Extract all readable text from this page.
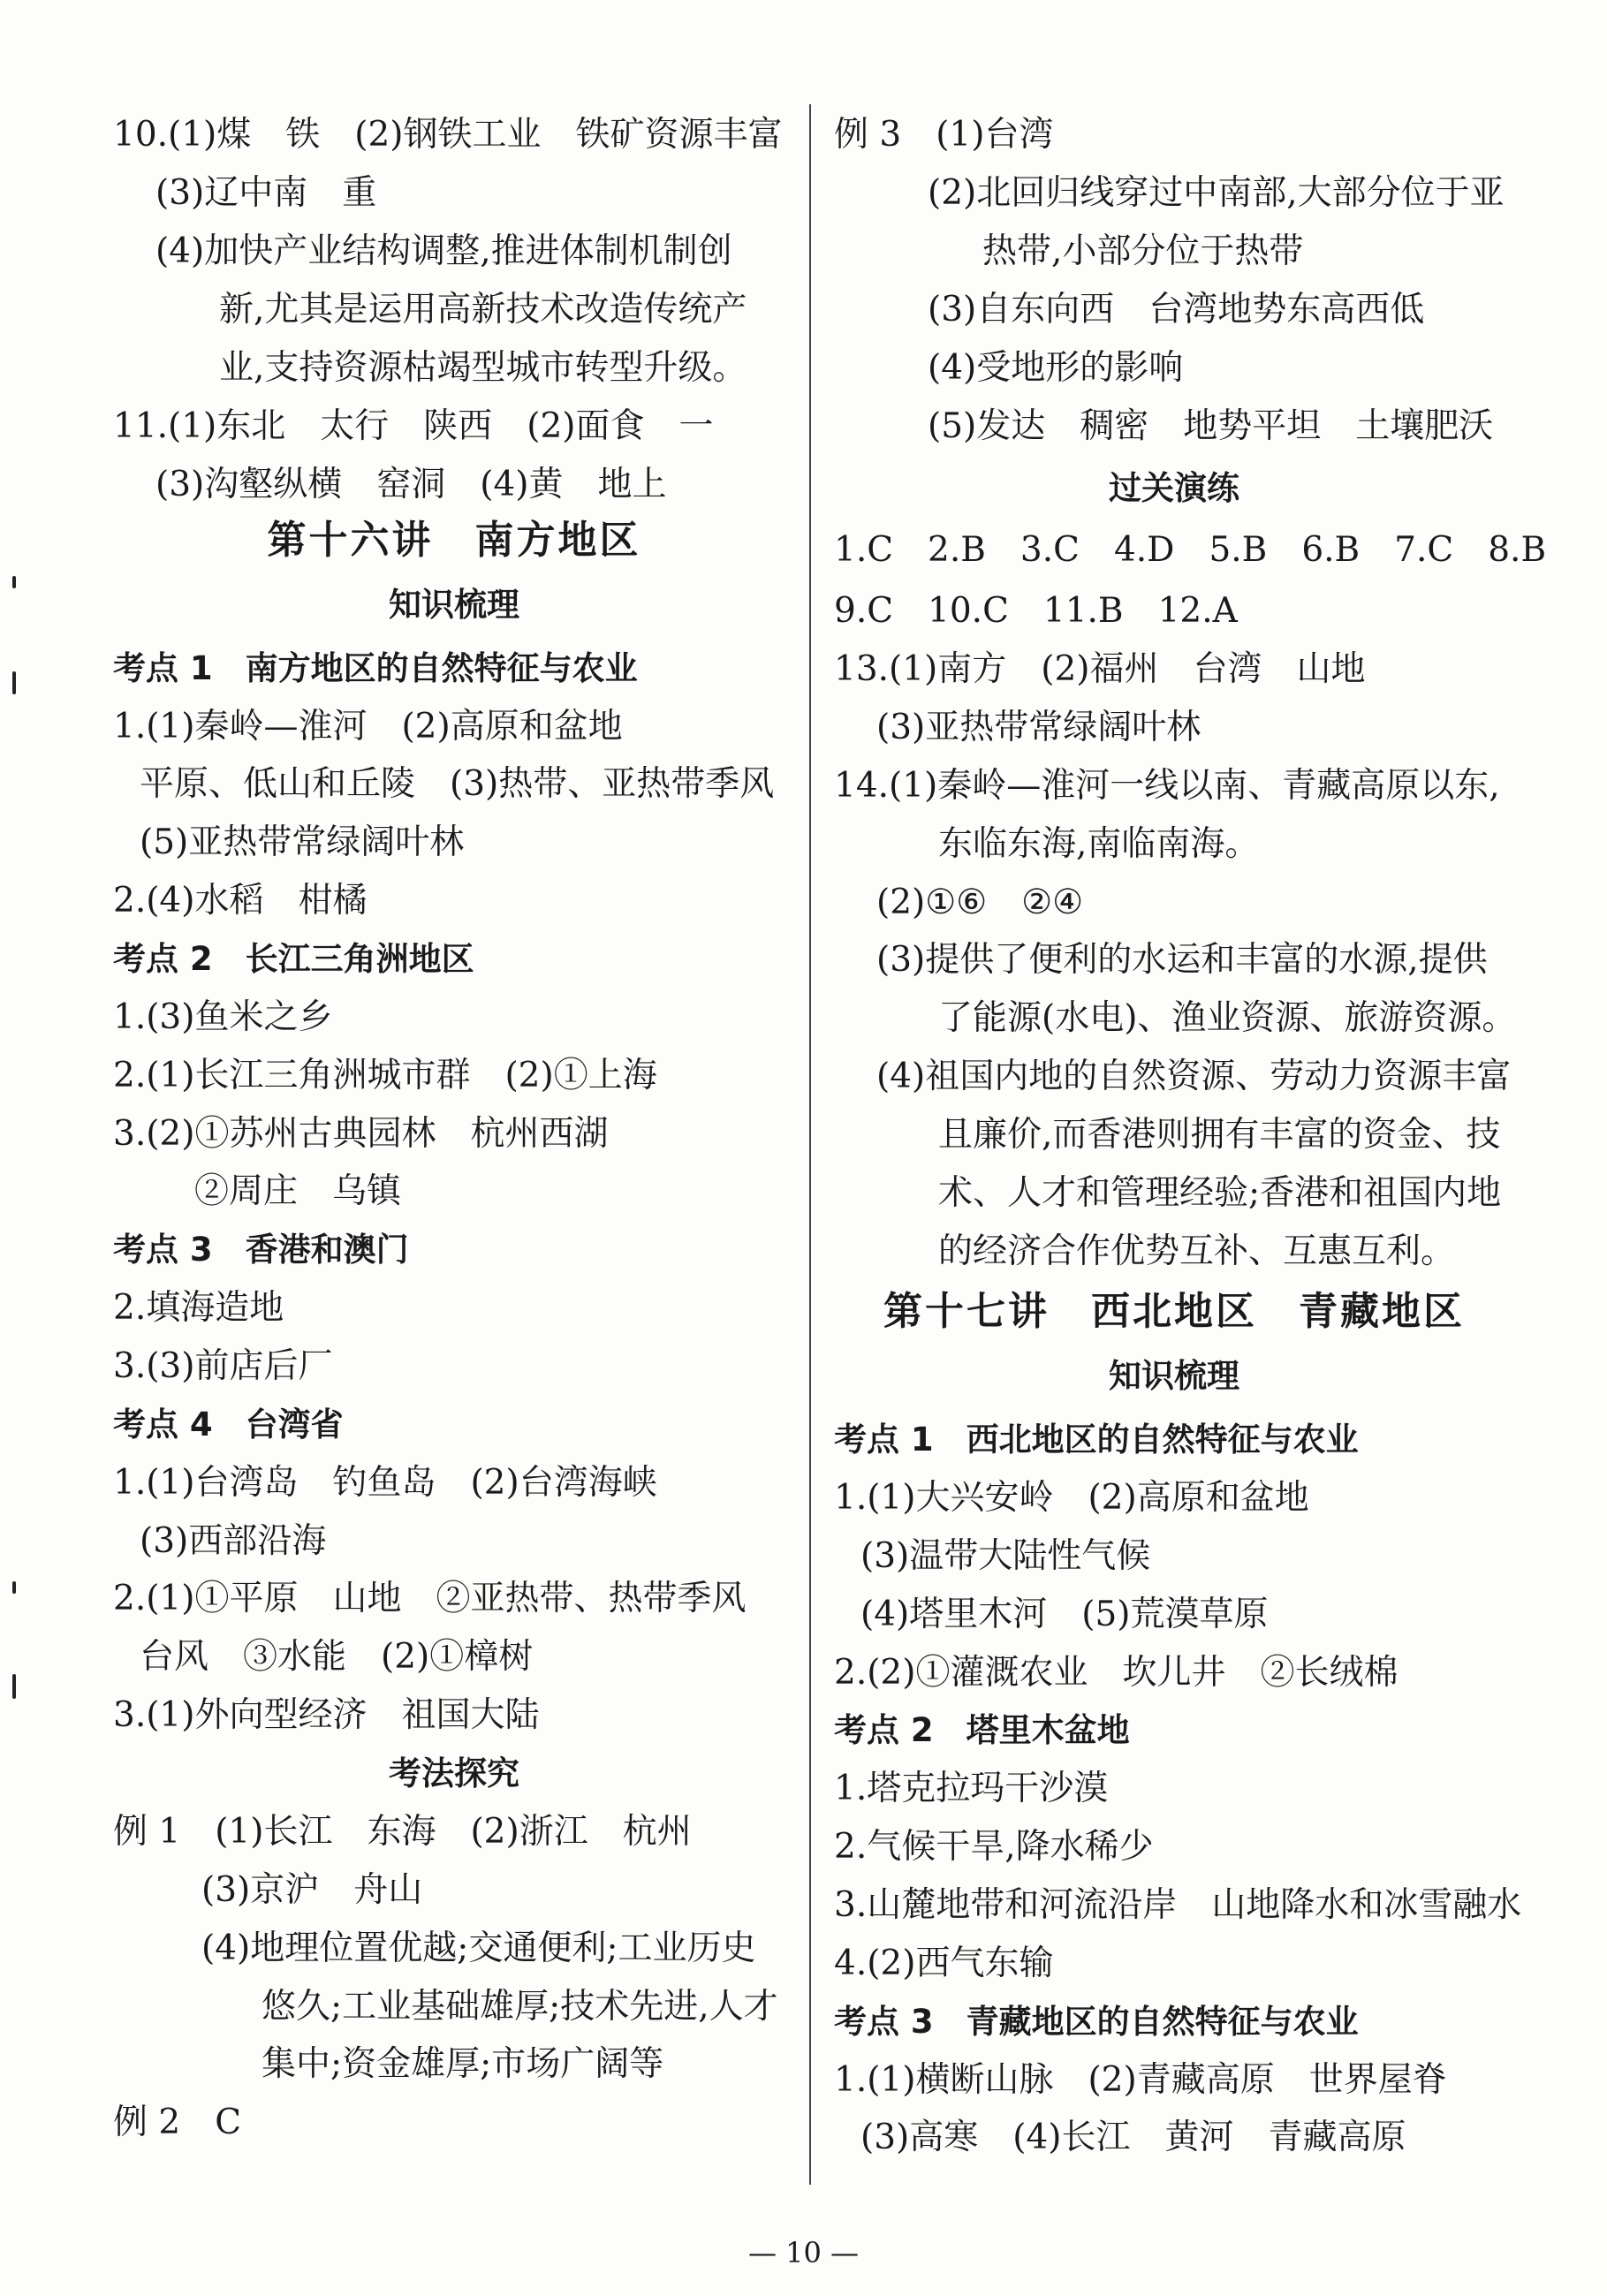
10.(1)煤　铁　(2)钢铁工业　铁矿资源丰富
(3)辽中南　重
(4)加快产业结构调整,推进体制机制创
新,尤其是运用高新技术改造传统产
业,支持资源枯竭型城市转型升级。
11.(1)东北　太行　陕西　(2)面食　一
(3)沟壑纵横　窑洞　(4)黄　地上
第十六讲　南方地区
知识梳理
考点 1　南方地区的自然特征与农业
1.(1)秦岭—淮河　(2)高原和盆地
平原、低山和丘陵　(3)热带、亚热带季风
(5)亚热带常绿阔叶林
2.(4)水稻　柑橘
考点 2　长江三角洲地区
1.(3)鱼米之乡
2.(1)长江三角洲城市群　(2)①上海
3.(2)①苏州古典园林　杭州西湖
②周庄　乌镇
考点 3　香港和澳门
2.填海造地
3.(3)前店后厂
考点 4　台湾省
1.(1)台湾岛　钓鱼岛　(2)台湾海峡
(3)西部沿海
2.(1)①平原　山地　②亚热带、热带季风
台风　③水能　(2)①樟树
3.(1)外向型经济　祖国大陆
考法探究
例 1　(1)长江　东海　(2)浙江　杭州
(3)京沪　舟山
(4)地理位置优越;交通便利;工业历史
悠久;工业基础雄厚;技术先进,人才
集中;资金雄厚;市场广阔等
例 2　C
例 3　(1)台湾
(2)北回归线穿过中南部,大部分位于亚
热带,小部分位于热带
(3)自东向西　台湾地势东高西低
(4)受地形的影响
(5)发达　稠密　地势平坦　土壤肥沃
过关演练
1.C　2.B　3.C　4.D　5.B　6.B　7.C　8.B
9.C　10.C　11.B　12.A
13.(1)南方　(2)福州　台湾　山地
(3)亚热带常绿阔叶林
14.(1)秦岭—淮河一线以南、青藏高原以东,
东临东海,南临南海。
(2)①⑥　②④
(3)提供了便利的水运和丰富的水源,提供
了能源(水电)、渔业资源、旅游资源。
(4)祖国内地的自然资源、劳动力资源丰富
且廉价,而香港则拥有丰富的资金、技
术、人才和管理经验;香港和祖国内地
的经济合作优势互补、互惠互利。
第十七讲　西北地区　青藏地区
知识梳理
考点 1　西北地区的自然特征与农业
1.(1)大兴安岭　(2)高原和盆地
(3)温带大陆性气候
(4)塔里木河　(5)荒漠草原
2.(2)①灌溉农业　坎儿井　②长绒棉
考点 2　塔里木盆地
1.塔克拉玛干沙漠
2.气候干旱,降水稀少
3.山麓地带和河流沿岸　山地降水和冰雪融水
4.(2)西气东输
考点 3　青藏地区的自然特征与农业
1.(1)横断山脉　(2)青藏高原　世界屋脊
(3)高寒　(4)长江　黄河　青藏高原
— 10 —
